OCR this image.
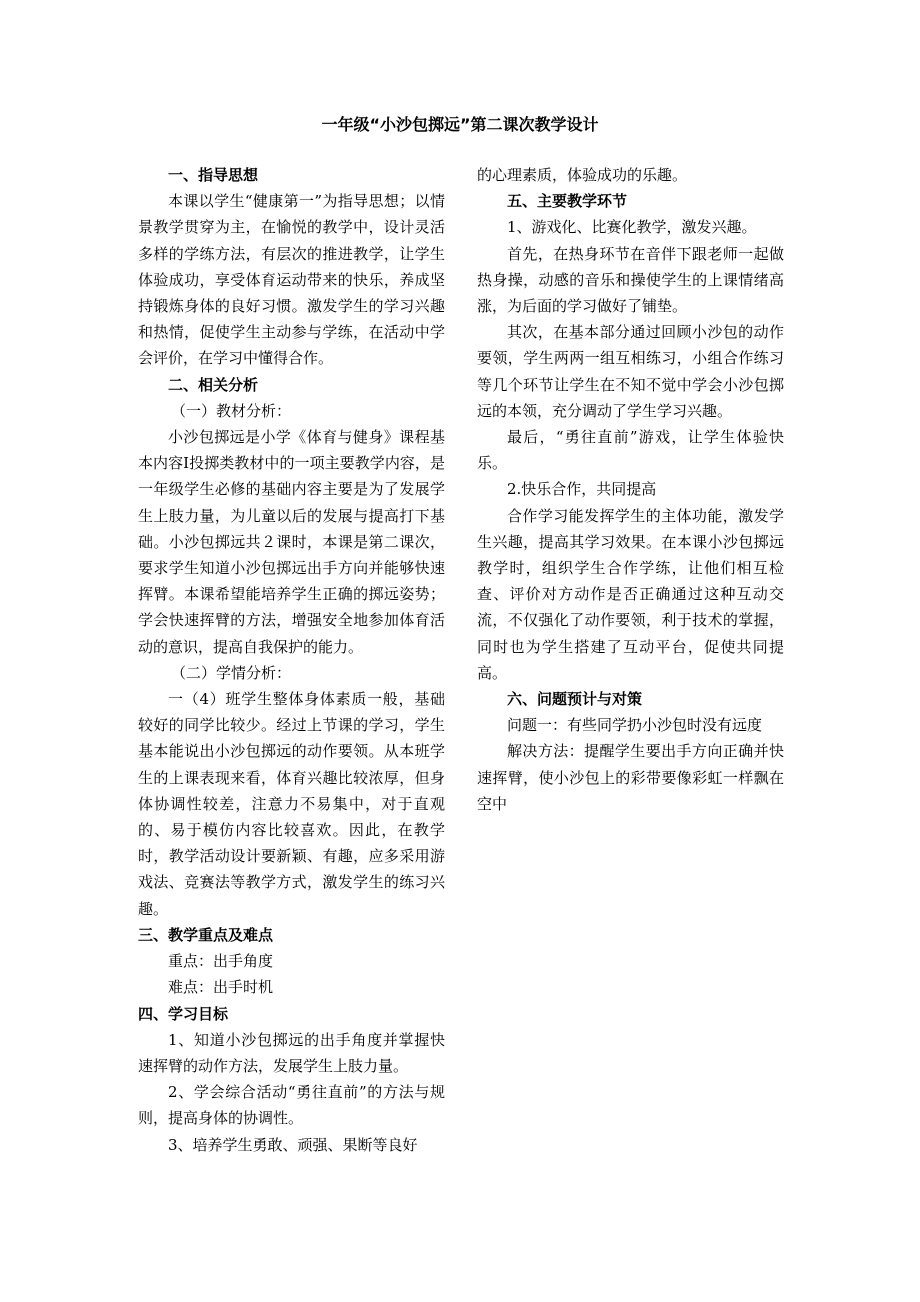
一年级“小沙包掷远”第二课次教学设计

一、指导思想

本课以学生“健康第一”为指导思想；以情景教学贯穿为主，在愉悦的教学中，设计灵活多样的学练方法，有层次的推进教学，让学生体验成功，享受体育运动带来的快乐，养成坚持锻炼身体的良好习惯。激发学生的学习兴趣和热情，促使学生主动参与学练，在活动中学会评价，在学习中懂得合作。

二、相关分析

（一）教材分析：

小沙包掷远是小学《体育与健身》课程基本内容Ⅰ投掷类教材中的一项主要教学内容，是一年级学生必修的基础内容主要是为了发展学生上肢力量，为儿童以后的发展与提高打下基础。小沙包掷远共２课时，本课是第二课次，要求学生知道小沙包掷远出手方向并能够快速挥臂。本课希望能培养学生正确的掷远姿势；学会快速挥臂的方法，增强安全地参加体育活动的意识，提高自我保护的能力。

（二）学情分析：

一（4）班学生整体身体素质一般，基础较好的同学比较少。经过上节课的学习，学生基本能说出小沙包掷远的动作要领。从本班学生的上课表现来看，体育兴趣比较浓厚，但身体协调性较差，注意力不易集中，对于直观的、易于模仿内容比较喜欢。因此，在教学时，教学活动设计要新颖、有趣，应多采用游戏法、竞赛法等教学方式，激发学生的练习兴趣。

三、教学重点及难点

重点：出手角度

难点：出手时机

四、学习目标

1、知道小沙包掷远的出手角度并掌握快速挥臂的动作方法，发展学生上肢力量。

2、学会综合活动“勇往直前”的方法与规则，提高身体的协调性。

3、培养学生勇敢、顽强、果断等良好

的心理素质，体验成功的乐趣。

五、主要教学环节

1、游戏化、比赛化教学，激发兴趣。

首先，在热身环节在音伴下跟老师一起做热身操，动感的音乐和操使学生的上课情绪高涨，为后面的学习做好了铺垫。

其次，在基本部分通过回顾小沙包的动作要领，学生两两一组互相练习，小组合作练习等几个环节让学生在不知不觉中学会小沙包掷远的本领，充分调动了学生学习兴趣。

最后，“勇往直前”游戏，让学生体验快乐。

2.快乐合作，共同提高

合作学习能发挥学生的主体功能，激发学生兴趣，提高其学习效果。在本课小沙包掷远教学时，组织学生合作学练，让他们相互检查、评价对方动作是否正确通过这种互动交流，不仅强化了动作要领，利于技术的掌握，同时也为学生搭建了互动平台，促使共同提高。

六、问题预计与对策

问题一：有些同学扔小沙包时没有远度

解决方法：提醒学生要出手方向正确并快速挥臂，使小沙包上的彩带要像彩虹一样飘在空中
